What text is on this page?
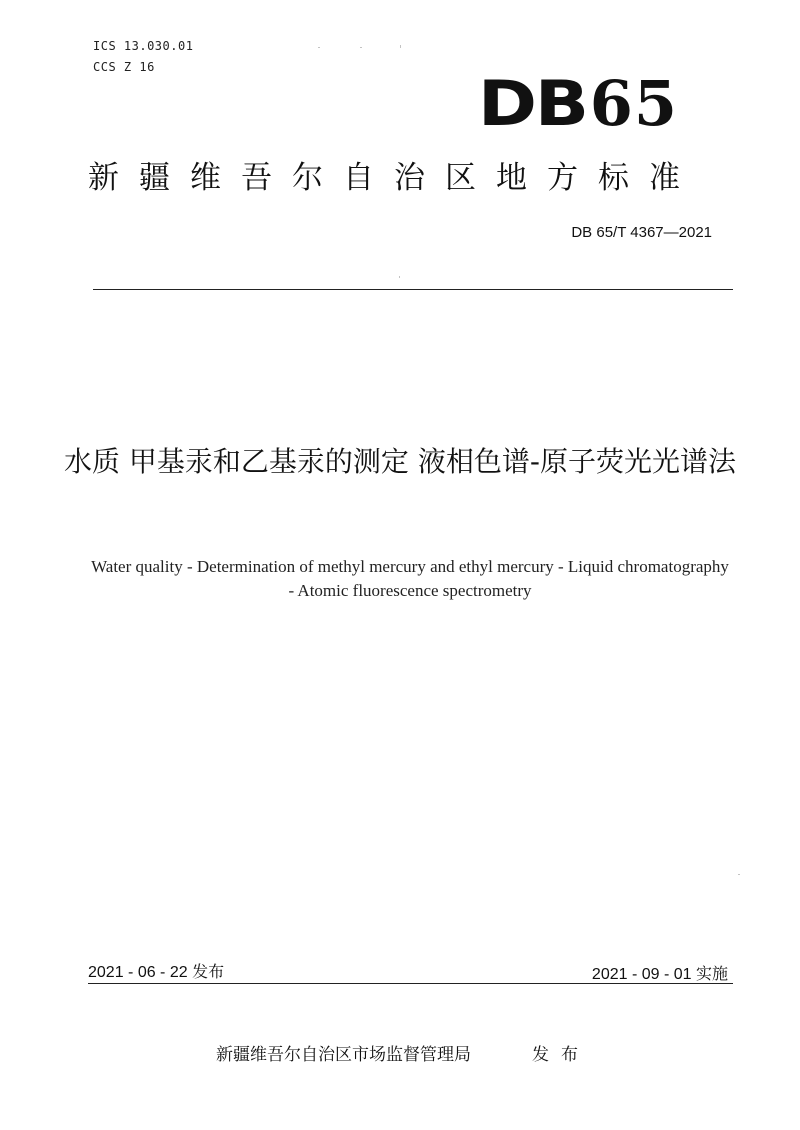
ICS 13.030.01
CCS Z 16	DB65
新疆维吾尔自治区地方标准
DB 65/T 4367—2021
水质 甲基汞和乙基汞的测定 液相色谱-原子荧光光谱法
Water quality - Determination of methyl mercury and ethyl mercury - Liquid chromatography - Atomic fluorescence spectrometry
2021 - 06 - 22 发布	2021 - 09 - 01 实施
新疆维吾尔自治区市场监督管理局	发布
